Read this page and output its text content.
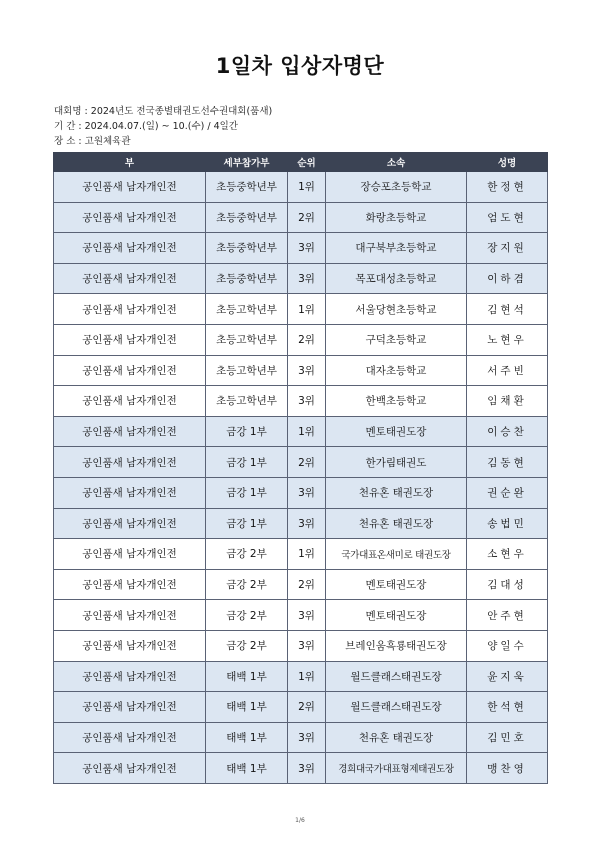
1일차 입상자명단
대회명 : 2024년도 전국종별태권도선수권대회(품새)
기 간 : 2024.04.07.(일) ~ 10.(수) / 4일간
장 소 : 고원체육관
부	세부참가부	순위	소속	성명
공인품새 남자개인전	초등중학년부	1위	장승포초등학교	한정현
공인품새 남자개인전	초등중학년부	2위	화랑초등학교	엄도현
공인품새 남자개인전	초등중학년부	3위	대구북부초등학교	장지원
공인품새 남자개인전	초등중학년부	3위	목포대성초등학교	이하겸
공인품새 남자개인전	초등고학년부	1위	서울당현초등학교	김현석
공인품새 남자개인전	초등고학년부	2위	구덕초등학교	노현우
공인품새 남자개인전	초등고학년부	3위	대자초등학교	서주빈
공인품새 남자개인전	초등고학년부	3위	한백초등학교	임채환
공인품새 남자개인전	금강 1부	1위	멘토태권도장	이승찬
공인품새 남자개인전	금강 1부	2위	한가림태권도	김동현
공인품새 남자개인전	금강 1부	3위	천유혼 태권도장	권순완
공인품새 남자개인전	금강 1부	3위	천유혼 태권도장	송법민
공인품새 남자개인전	금강 2부	1위	국가대표온새미로 태권도장	소현우
공인품새 남자개인전	금강 2부	2위	멘토태권도장	김대성
공인품새 남자개인전	금강 2부	3위	멘토태권도장	안주현
공인품새 남자개인전	금강 2부	3위	브레인움흑룡태권도장	양일수
공인품새 남자개인전	태백 1부	1위	월드클래스태권도장	윤지욱
공인품새 남자개인전	태백 1부	2위	월드클래스태권도장	한석현
공인품새 남자개인전	태백 1부	3위	천유혼 태권도장	김민호
공인품새 남자개인전	태백 1부	3위	경희대국가대표형제태권도장	맹찬영
1/6
